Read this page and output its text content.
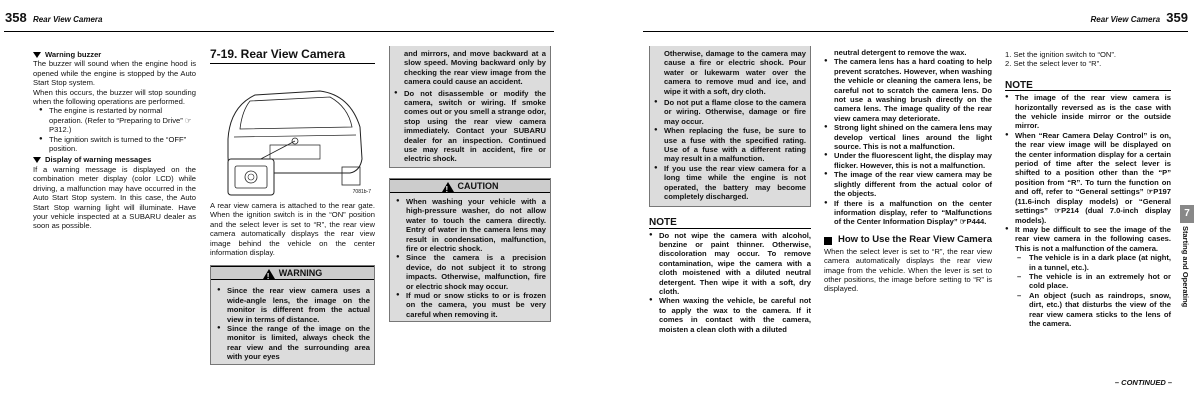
358 Rear View Camera	Rear View Camera 359
Warning buzzer

The buzzer will sound when the engine hood is opened while the engine is stopped by the Auto Start Stop system.

When this occurs, the buzzer will stop sounding when the following operations are performed.

● The engine is restarted by normal operation. (Refer to “Preparing to Drive” ☞P312.)
● The ignition switch is turned to the “OFF” position.
Display of warning messages

If a warning message is displayed on the combination meter display (color LCD) while driving, a malfunction may have occurred in the Auto Start Stop system. In this case, the Auto Start Stop warning light will illuminate. Have your vehicle inspected at a SUBARU dealer as soon as possible.

7-19. Rear View Camera
7081b-7

A rear view camera is attached to the rear gate. When the ignition switch is in the “ON” position and the select lever is set to “R”, the rear view camera automatically displays the rear view image behind the vehicle on the center information display.

!WARNING
● Since the rear view camera uses a wide-angle lens, the image on the monitor is different from the actual view in terms of distance.
● Since the range of the image on the monitor is limited, always check the rear view and the surrounding area with your eyes

and mirrors, and move backward at a slow speed. Moving backward only by checking the rear view image from the camera could cause an accident.

● Do not disassemble or modify the camera, switch or wiring. If smoke comes out or you smell a strange odor, stop using the rear view camera immediately. Contact your SUBARU dealer for an inspection. Continued use may result in accident, fire or electric shock.
!CAUTION
● When washing your vehicle with a high-pressure washer, do not allow water to touch the camera directly. Entry of water in the camera lens may result in condensation, malfunction, fire or electric shock.
● Since the camera is a precision device, do not subject it to strong impacts. Otherwise, malfunction, fire or electric shock may occur.
● If mud or snow sticks to or is frozen on the camera, you must be very careful when removing it.

Otherwise, damage to the camera may cause a fire or electric shock. Pour water or lukewarm water over the camera to remove mud and ice, and wipe it with a soft, dry cloth.

● Do not put a flame close to the camera or wiring. Otherwise, damage or fire may occur.
● When replacing the fuse, be sure to use a fuse with the specified rating. Use of a fuse with a different rating may result in a malfunction.
● If you use the rear view camera for a long time while the engine is not operated, the battery may become completely discharged.
NOTE
● Do not wipe the camera with alcohol, benzine or paint thinner. Otherwise, discoloration may occur. To remove contamination, wipe the camera with a cloth moistened with a diluted neutral detergent. Then wipe it with a soft, dry cloth.
● When waxing the vehicle, be careful not to apply the wax to the camera. If it comes in contact with the camera, moisten a clean cloth with a diluted

neutral detergent to remove the wax.

● The camera lens has a hard coating to help prevent scratches. However, when washing the vehicle or cleaning the camera lens, be careful not to scratch the camera lens. Do not use a washing brush directly on the camera lens. The image quality of the rear view camera may deteriorate.
● Strong light shined on the camera lens may develop vertical lines around the light source. This is not a malfunction.
● Under the fluorescent light, the display may flicker. However, this is not a malfunction.
● The image of the rear view camera may be slightly different from the actual color of the objects.
● If there is a malfunction on the center information display, refer to “Malfunctions of the Center Information Display” ☞P444.
How to Use the Rear View Camera

When the select lever is set to “R”, the rear view camera automatically displays the rear view image from the vehicle. When the lever is set to other positions, the image before setting to “R” is displayed.

1. Set the ignition switch to “ON”.

2. Set the select lever to “R”.

NOTE
● The image of the rear view camera is horizontally reversed as is the case with the vehicle inside mirror or the outside mirror.
● When “Rear Camera Delay Control” is on, the rear view image will be displayed on the center information display for a certain period of time after the select lever is shifted to a position other than the “P” position from “R”. To turn the function on and off, refer to “General settings” ☞P197 (11.6-inch display models) or “General settings” ☞P214 (dual 7.0-inch display models).
● It may be difficult to see the image of the rear view camera in the following cases. This is not a malfunction of the camera.
– The vehicle is in a dark place (at night, in a tunnel, etc.).
– The vehicle is in an extremely hot or cold place.
– An object (such as raindrops, snow, dirt, etc.) that disturbs the view of the rear view camera sticks to the lens of the camera.
– CONTINUED –
7
Starting and Operating
